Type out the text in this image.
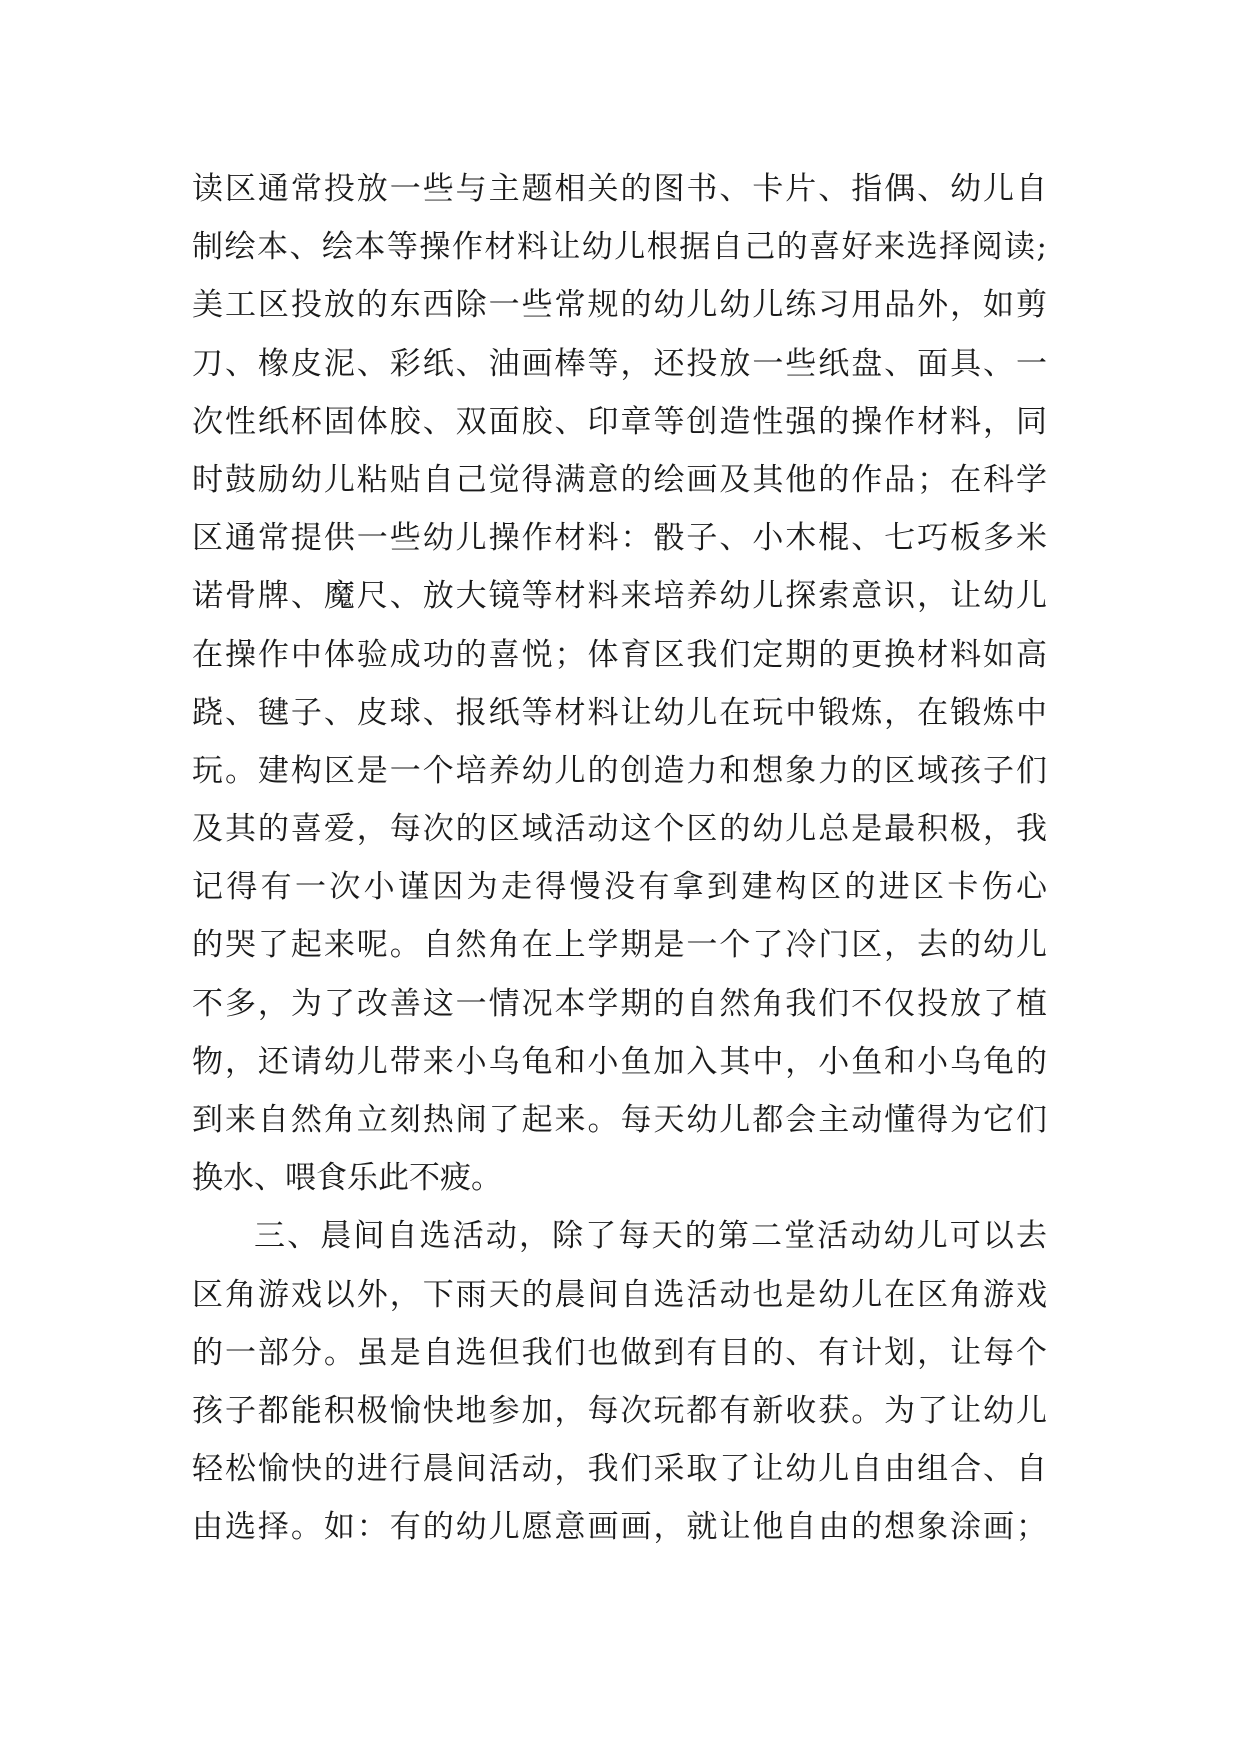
读区通常投放一些与主题相关的图书、卡片、指偶、幼儿自
制绘本、绘本等操作材料让幼儿根据自己的喜好来选择阅读;
美工区投放的东西除一些常规的幼儿幼儿练习用品外，如剪
刀、橡皮泥、彩纸、油画棒等，还投放一些纸盘、面具、一
次性纸杯固体胶、双面胶、印章等创造性强的操作材料，同
时鼓励幼儿粘贴自己觉得满意的绘画及其他的作品；在科学
区通常提供一些幼儿操作材料：骰子、小木棍、七巧板多米
诺骨牌、魔尺、放大镜等材料来培养幼儿探索意识，让幼儿
在操作中体验成功的喜悦；体育区我们定期的更换材料如高
跷、毽子、皮球、报纸等材料让幼儿在玩中锻炼，在锻炼中
玩。建构区是一个培养幼儿的创造力和想象力的区域孩子们
及其的喜爱，每次的区域活动这个区的幼儿总是最积极，我
记得有一次小谨因为走得慢没有拿到建构区的进区卡伤心
的哭了起来呢。自然角在上学期是一个了冷门区，去的幼儿
不多，为了改善这一情况本学期的自然角我们不仅投放了植
物，还请幼儿带来小乌龟和小鱼加入其中，小鱼和小乌龟的
到来自然角立刻热闹了起来。每天幼儿都会主动懂得为它们
换水、喂食乐此不疲。
三、晨间自选活动，除了每天的第二堂活动幼儿可以去
区角游戏以外，下雨天的晨间自选活动也是幼儿在区角游戏
的一部分。虽是自选但我们也做到有目的、有计划，让每个
孩子都能积极愉快地参加，每次玩都有新收获。为了让幼儿
轻松愉快的进行晨间活动，我们采取了让幼儿自由组合、自
由选择。如：有的幼儿愿意画画，就让他自由的想象涂画；
